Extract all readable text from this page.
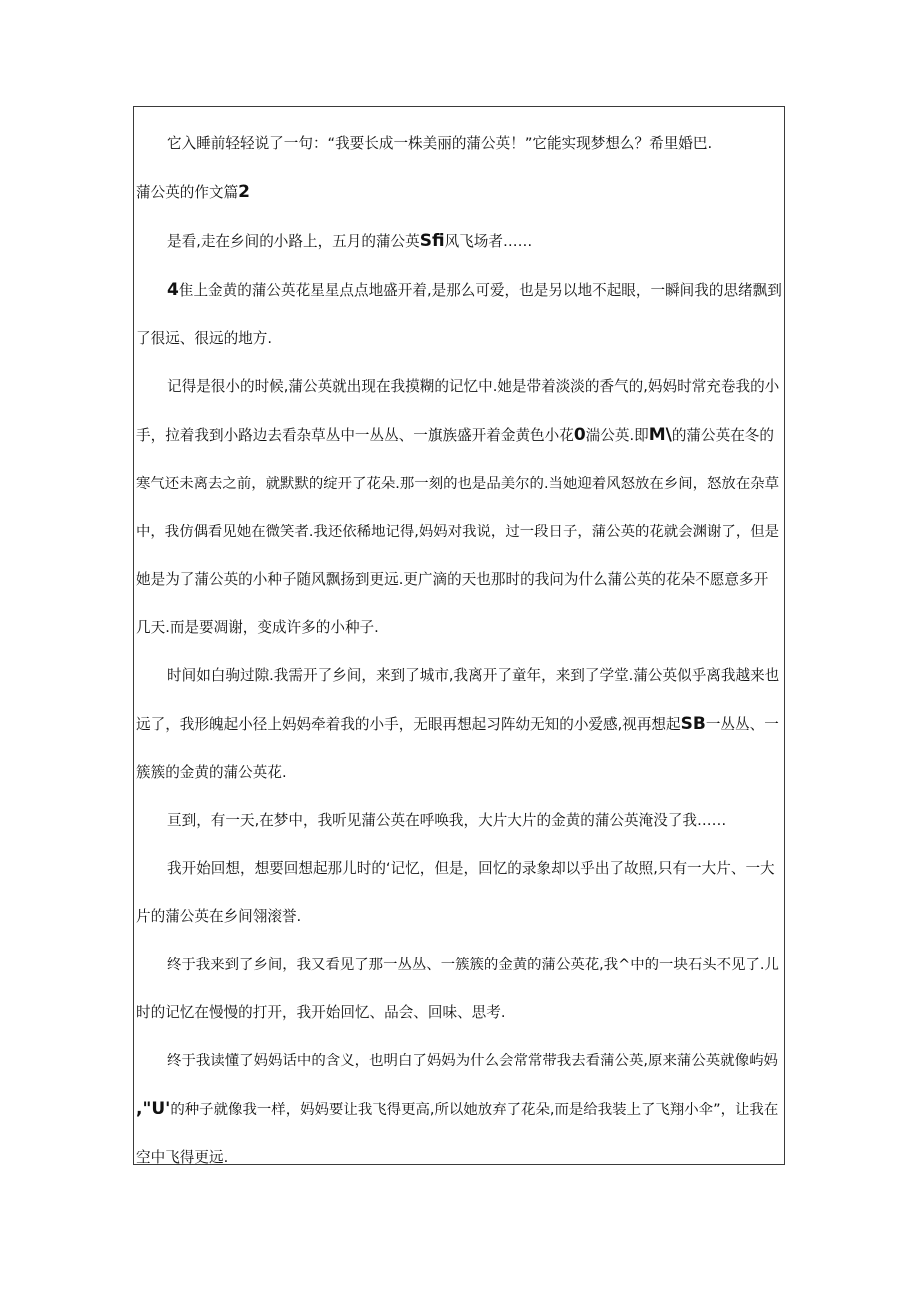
它入睡前轻轻说了一句：“我要长成一株美丽的蒲公英！”它能实现梦想么？希里婚巴.
蒲公英的作文篇2
是看,走在乡间的小路上，五月的蒲公英Sfi风飞场者……
4隹上金黄的蒲公英花星星点点地盛开着,是那么可爱，也是另以地不起眼，一瞬间我的思绪飘到
了很远、很远的地方.
记得是很小的时候,蒲公英就出现在我摸糊的记忆中.她是带着淡淡的香气的,妈妈时常充卷我的小
手，拉着我到小路边去看杂草丛中一丛丛、一旗族盛开着金黄色小花0湍公英.即M\的蒲公英在冬的
寒气还未离去之前，就默默的绽开了花朵.那一刻的也是品美尔的.当她迎着风怒放在乡间，怒放在杂草
中，我仿偶看见她在微笑者.我还依稀地记得,妈妈对我说，过一段日子，蒲公英的花就会渊谢了，但是
她是为了蒲公英的小种子随风飘扬到更远.更广滴的天也那时的我问为什么蒲公英的花朵不愿意多开
几天.而是要凋谢，变成许多的小种子.
时间如白驹过隙.我需开了乡间，来到了城市,我离开了童年，来到了学堂.蒲公英似乎离我越来也
远了，我形魄起小径上妈妈牵着我的小手，无眼再想起习阵幼无知的小爱感,视再想起SB一丛丛、一
簇簇的金黄的蒲公英花.
亘到，有一天,在梦中，我听见蒲公英在呼唤我，大片大片的金黄的蒲公英淹没了我……
我开始回想，想要回想起那儿时的‘记忆，但是，回忆的录象却以乎出了故照,只有一大片、一大
片的蒲公英在乡间翎滚誉.
终于我来到了乡间，我又看见了那一丛丛、一簇簇的金黄的蒲公英花,我^中的一块石头不见了.儿
时的记忆在慢慢的打开，我开始回忆、品会、回味、思考.
终于我读懂了妈妈话中的含义，也明白了妈妈为什么会常常带我去看蒲公英,原来蒲公英就像屿妈
,"U'的种子就像我一样，妈妈要让我飞得更高,所以她放弃了花朵,而是给我装上了飞翔小伞”，让我在
空中飞得更远.
